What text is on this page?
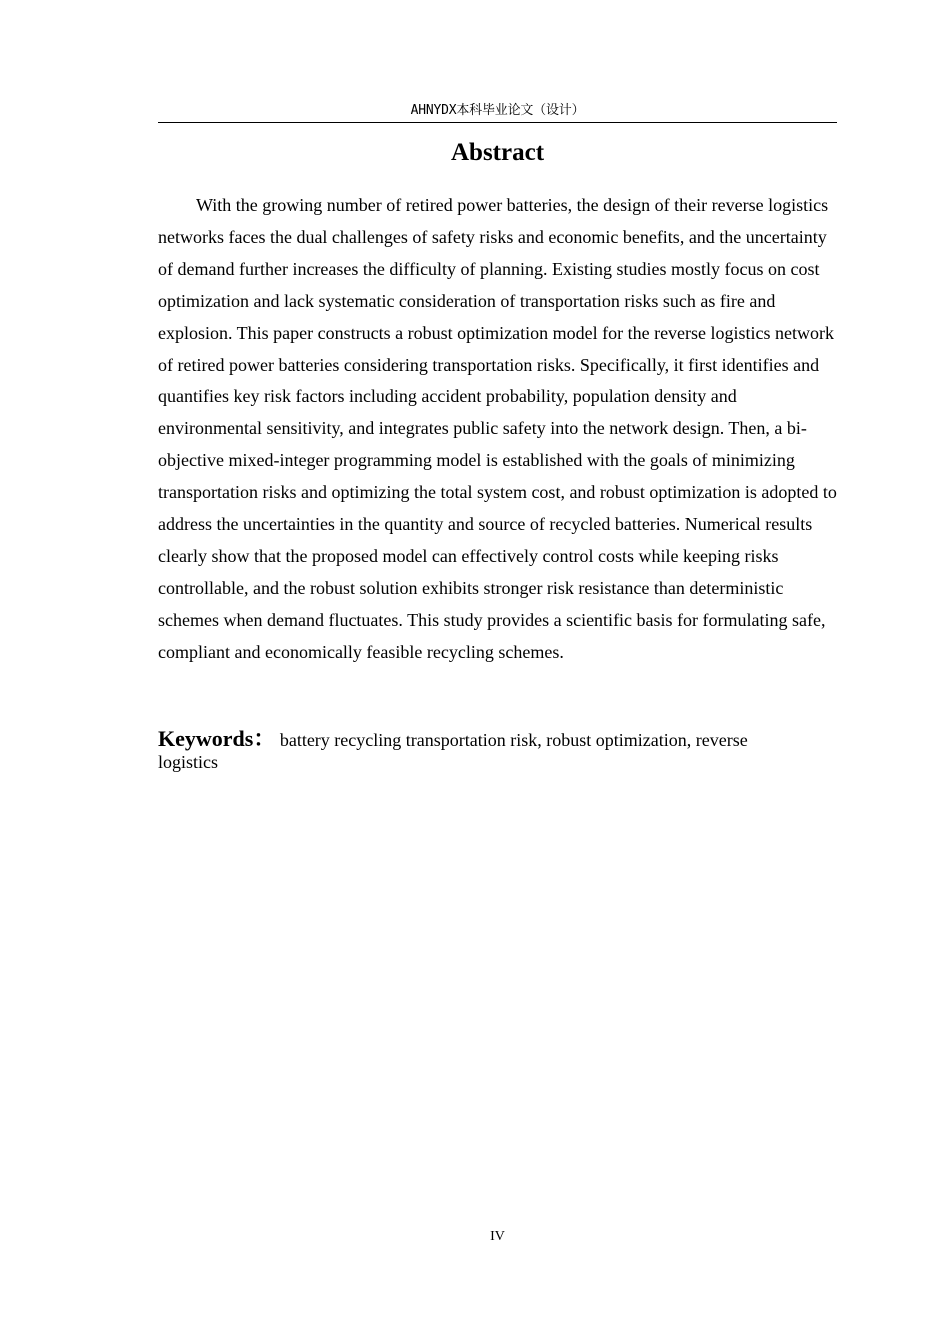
AHNYDX本科毕业论文（设计）
Abstract

With the growing number of retired power batteries, the design of their reverse logistics networks faces the dual challenges of safety risks and economic benefits, and the uncertainty of demand further increases the difficulty of planning. Existing studies mostly focus on cost optimization and lack systematic consideration of transportation risks such as fire and explosion. This paper constructs a robust optimization model for the reverse logistics network of retired power batteries considering transportation risks. Specifically, it first identifies and quantifies key risk factors including accident probability, population density and environmental sensitivity, and integrates public safety into the network design. Then, a bi-objective mixed-integer programming model is established with the goals of minimizing transportation risks and optimizing the total system cost, and robust optimization is adopted to address the uncertainties in the quantity and source of recycled batteries. Numerical results clearly show that the proposed model can effectively control costs while keeping risks controllable, and the robust solution exhibits stronger risk resistance than deterministic schemes when demand fluctuates. This study provides a scientific basis for formulating safe, compliant and economically feasible recycling schemes.

Keywords： battery recycling transportation risk, robust optimization, reverse logistics
IV
